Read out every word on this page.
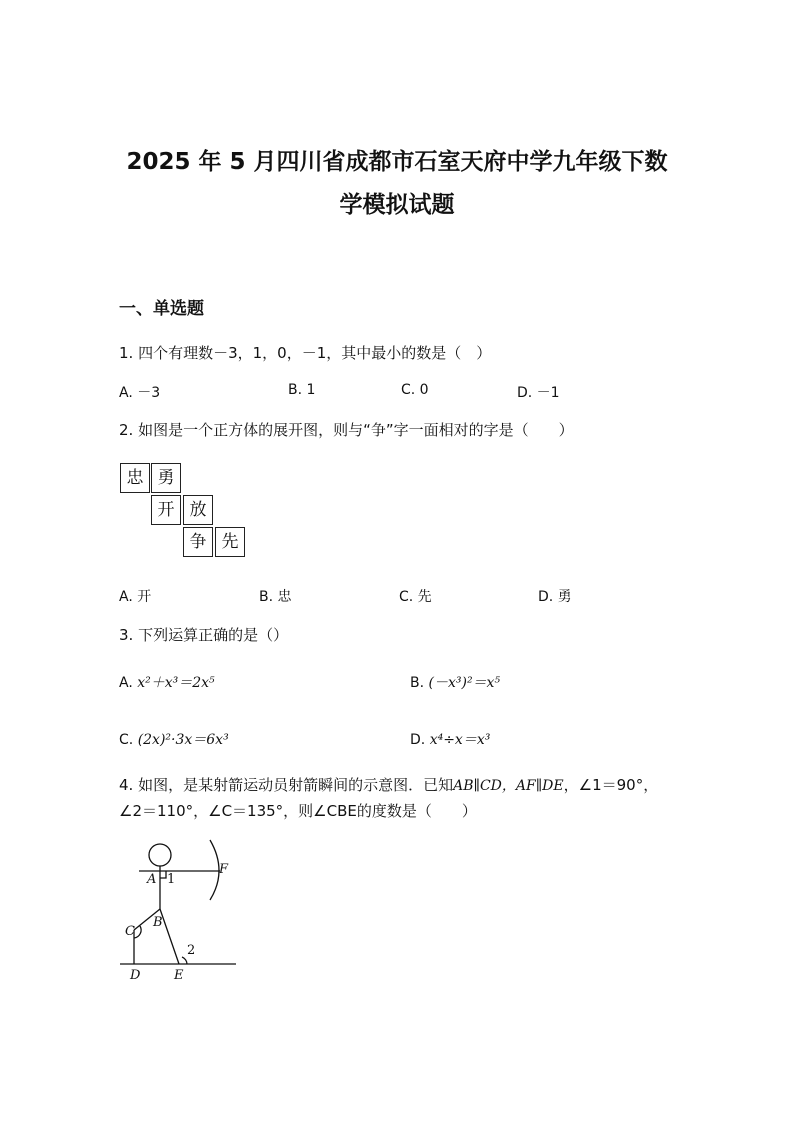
2025 年 5 月四川省成都市石室天府中学九年级下数
学模拟试题
一、单选题
1. 四个有理数－3，1，0，－1，其中最小的数是（　）
A. －3	B. 1	C. 0	D. －1
2. 如图是一个正方体的展开图，则与“争”字一面相对的字是（　　）
忠 勇
开 放
争 先
A. 开	B. 忠	C. 先	D. 勇
3. 下列运算正确的是（）
A. x²＋x³＝2x⁵	B. (－x³)²＝x⁵
C. (2x)²·3x＝6x³	D. x⁴÷x＝x³
4. 如图，是某射箭运动员射箭瞬间的示意图．已知AB∥CD，AF∥DE，∠1＝90°，
∠2＝110°，∠C＝135°，则∠CBE的度数是（　　）
A 1
F
B
C
2
D	E
